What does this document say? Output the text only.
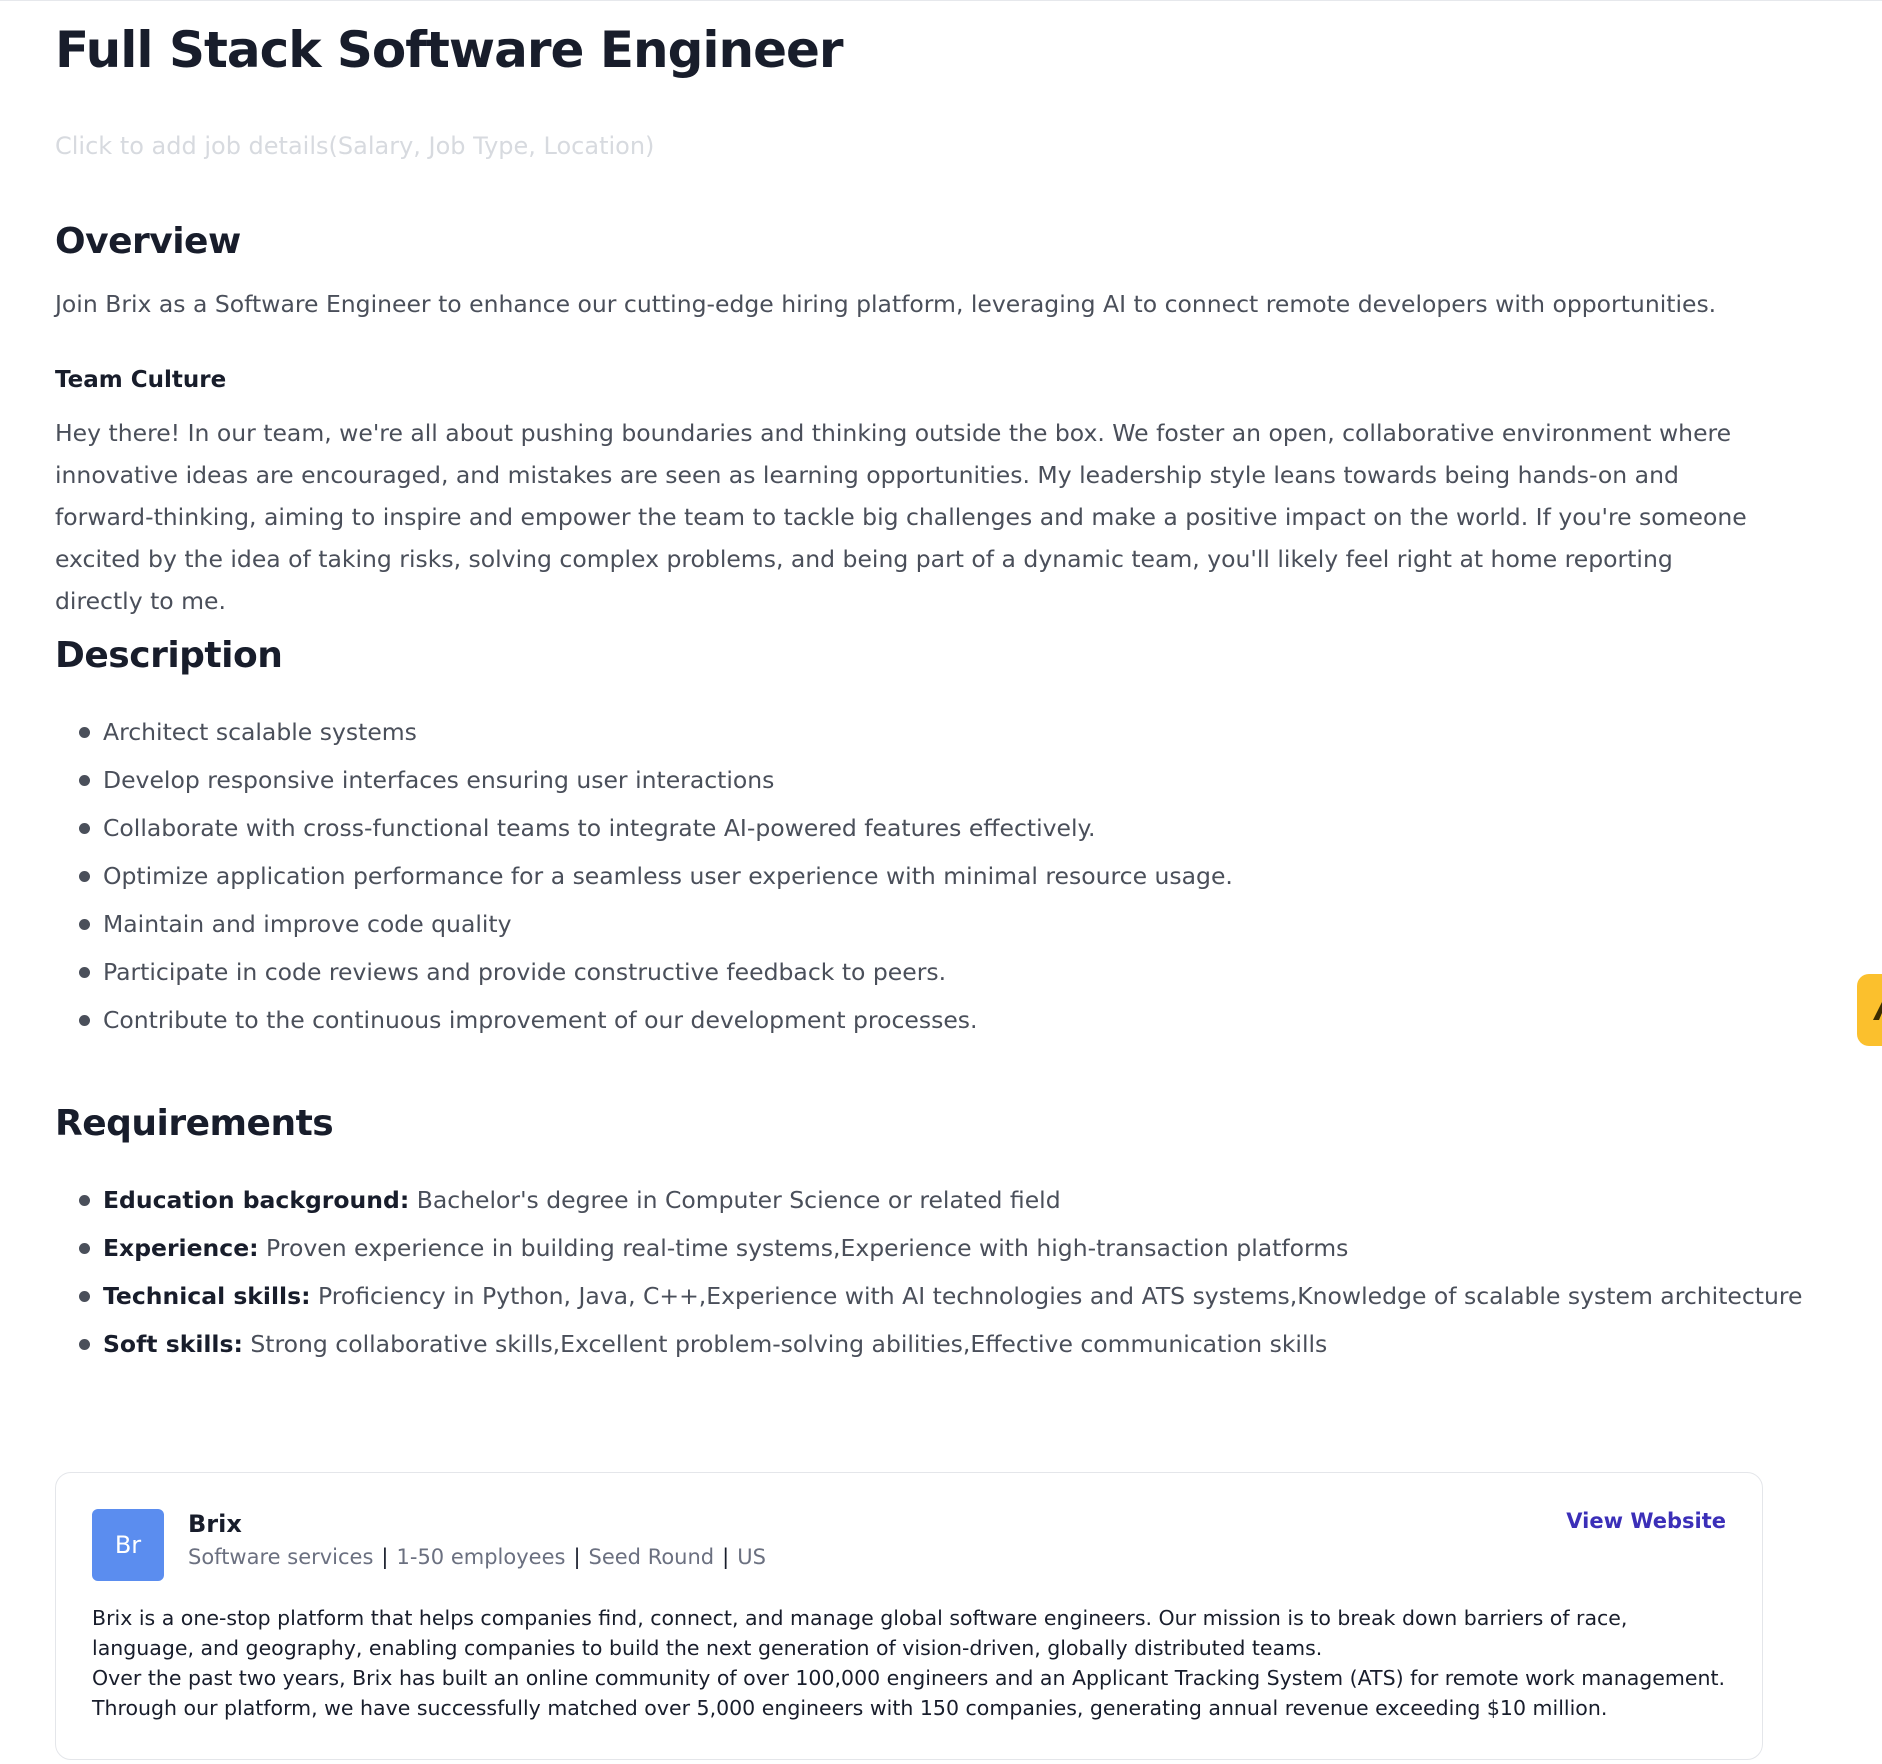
Full Stack Software Engineer
Click to add job details(Salary, Job Type, Location)
Overview
Join Brix as a Software Engineer to enhance our cutting-edge hiring platform, leveraging AI to connect remote developers with opportunities.
Team Culture
Hey there! In our team, we're all about pushing boundaries and thinking outside the box. We foster an open, collaborative environment where innovative ideas are encouraged, and mistakes are seen as learning opportunities. My leadership style leans towards being hands-on and forward-thinking, aiming to inspire and empower the team to tackle big challenges and make a positive impact on the world. If you're someone excited by the idea of taking risks, solving complex problems, and being part of a dynamic team, you'll likely feel right at home reporting directly to me.
Description
Architect scalable systems
Develop responsive interfaces ensuring user interactions
Collaborate with cross-functional teams to integrate AI-powered features effectively.
Optimize application performance for a seamless user experience with minimal resource usage.
Maintain and improve code quality
Participate in code reviews and provide constructive feedback to peers.
Contribute to the continuous improvement of our development processes.
Requirements
Education background: Bachelor's degree in Computer Science or related field
Experience: Proven experience in building real-time systems,Experience with high-transaction platforms
Technical skills: Proficiency in Python, Java, C++,Experience with AI technologies and ATS systems,Knowledge of scalable system architecture
Soft skills: Strong collaborative skills,Excellent problem-solving abilities,Effective communication skills
Br
Brix
Software services | 1-50 employees | Seed Round | US
View Website

Brix is a one-stop platform that helps companies find, connect, and manage global software engineers. Our mission is to break down barriers of race, language, and geography, enabling companies to build the next generation of vision-driven, globally distributed teams.

Over the past two years, Brix has built an online community of over 100,000 engineers and an Applicant Tracking System (ATS) for remote work management. Through our platform, we have successfully matched over 5,000 engineers with 150 companies, generating annual revenue exceeding $10 million.
